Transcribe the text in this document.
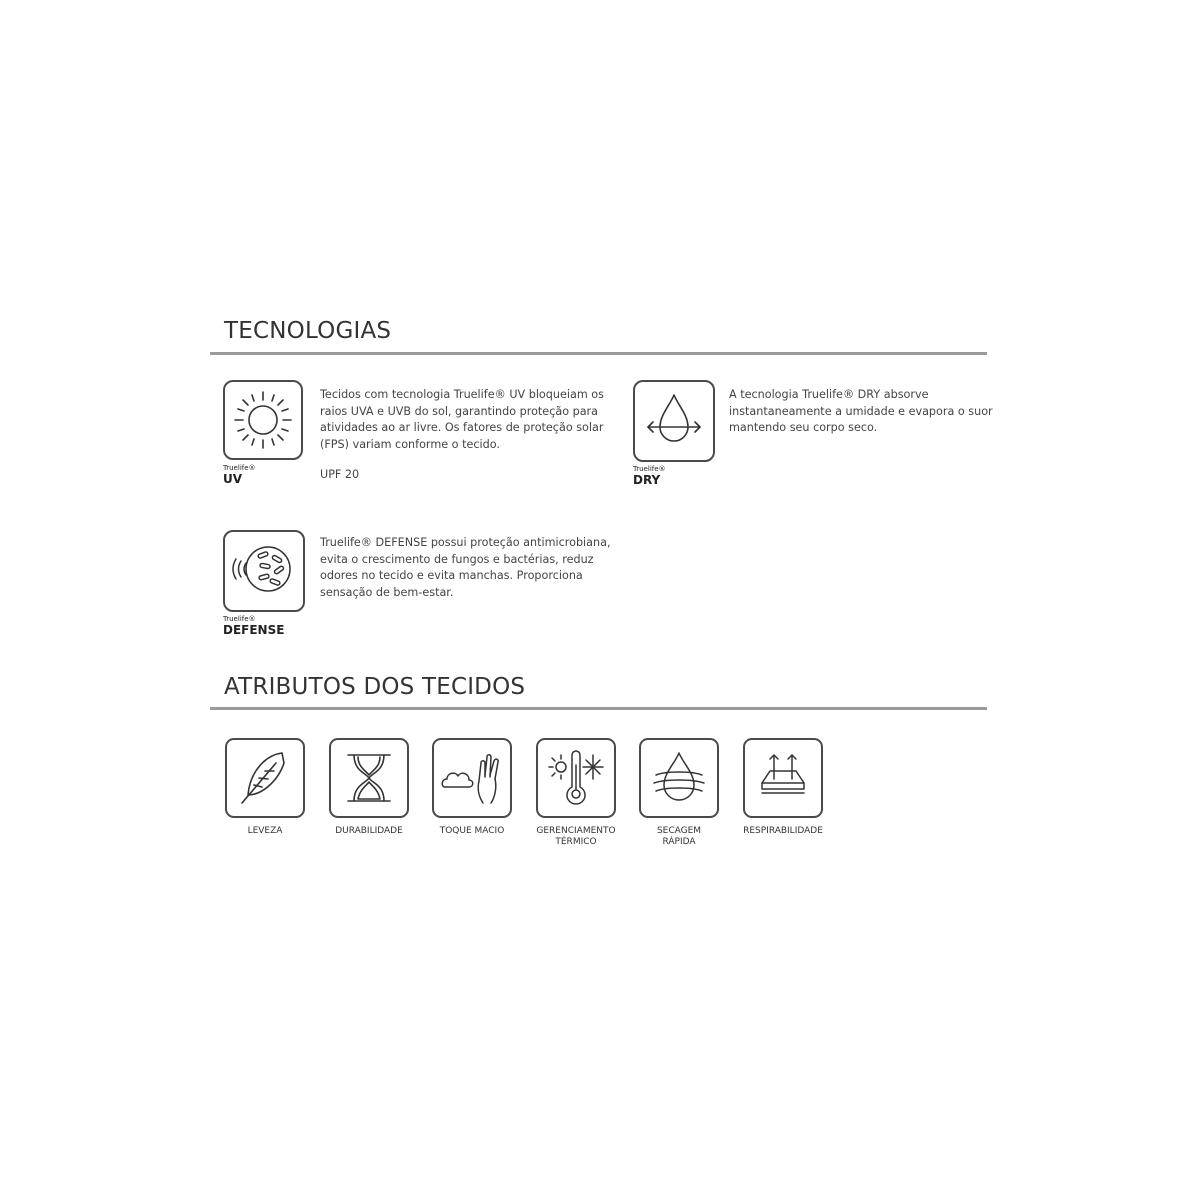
TECNOLOGIAS
Truelife®
UV
Tecidos com tecnologia Truelife® UV bloqueiam os
raios UVA e UVB do sol, garantindo proteção para
atividades ao ar livre. Os fatores de proteção solar
(FPS) variam conforme o tecido.
UPF 20	Truelife®
DRY
A tecnologia Truelife® DRY absorve
instantaneamente a umidade e evapora o suor
mantendo seu corpo seco.
Truelife®
DEFENSE
Truelife® DEFENSE possui proteção antimicrobiana,
evita o crescimento de fungos e bactérias, reduz
odores no tecido e evita manchas. Proporciona
sensação de bem-estar.
ATRIBUTOS DOS TECIDOS
LEVEZA	DURABILIDADE	TOQUE MACIO	GERENCIAMENTO
TÉRMICO
SECAGEM
RÁPIDA
RESPIRABILIDADE
